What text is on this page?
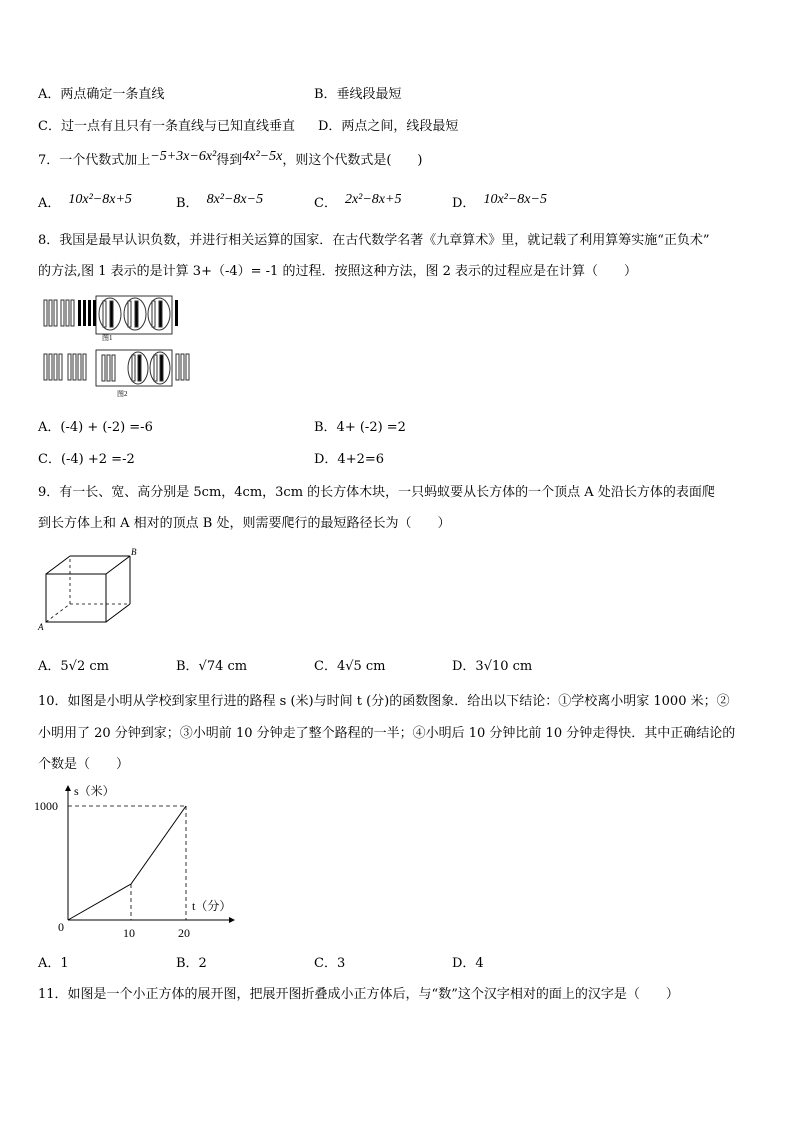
A．两点确定一条直线	B．垂线段最短
C．过一点有且只有一条直线与已知直线垂直 D．两点之间，线段最短
7．一个代数式加上 −5+3x−6x² 得到 4x²−5x ，则这个代数式是(　　)
A． 10x²−8x+5	B． 8x²−8x−5	C． 2x²−8x+5	D． 10x²−8x−5
8．我国是最早认识负数，并进行相关运算的国家．在古代数学名著《九章算术》里，就记载了利用算筹实施“正负术”
的方法,图 1 表示的是计算 3+（-4）= -1 的过程．按照这种方法，图 2 表示的过程应是在计算（　　）
图1
图2
A．(-4) + (-2) =-6	B．4+ (-2) =2
C．(-4) +2 =-2	D．4+2=6
9．有一长、宽、高分别是 5cm，4cm，3cm 的长方体木块，一只蚂蚁要从长方体的一个顶点 A 处沿长方体的表面爬
到长方体上和 A 相对的顶点 B 处，则需要爬行的最短路径长为（　　）
A
B
A．5√2 cm	B．√74 cm	C．4√5 cm	D．3√10 cm
10．如图是小明从学校到家里行进的路程 s (米)与时间 t (分)的函数图象．给出以下结论：①学校离小明家 1000 米；②
小明用了 20 分钟到家；③小明前 10 分钟走了整个路程的一半；④小明后 10 分钟比前 10 分钟走得快．其中正确结论的
个数是（　　）
s（米）
t（分）
1000
0	10	20
A．1	B．2	C．3	D．4
11．如图是一个小正方体的展开图，把展开图折叠成小正方体后，与“数”这个汉字相对的面上的汉字是（　　）
